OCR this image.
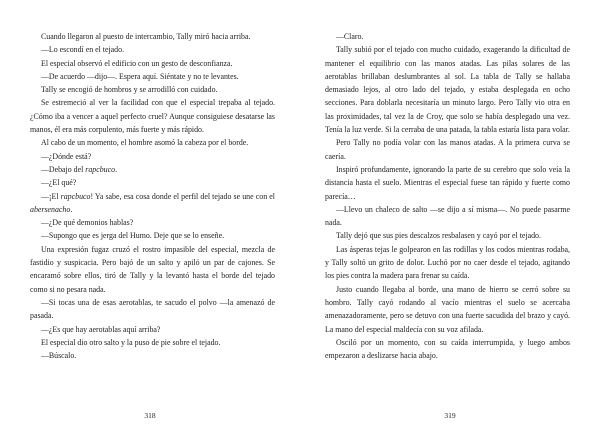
Cuando llegaron al puesto de intercambio, Tally miró hacia arriba.

—Lo escondí en el tejado.

El especial observó el edificio con un gesto de desconfianza.

—De acuerdo —dijo—. Espera aquí. Siéntate y no te levantes.

Tally se encogió de hombros y se arrodilló con cuidado.

Se estremeció al ver la facilidad con que el especial trepaba al tejado. ¿Cómo iba a vencer a aquel perfecto cruel? Aunque consiguiese desatarse las manos, él era más corpulento, más fuerte y más rápido.

Al cabo de un momento, el hombre asomó la cabeza por el borde.

—¿Dónde está?

—Debajo del rapcbuco.

—¿El qué?

—¡El rapcbuco! Ya sabe, esa cosa donde el perfil del tejado se une con el abersenacho.

—¿De qué demonios hablas?

—Supongo que es jerga del Humo. Deje que se lo enseñe.

Una expresión fugaz cruzó el rostro impasible del especial, mezcla de fastidio y suspicacia. Pero bajó de un salto y apiló un par de cajones. Se encaramó sobre ellos, tiró de Tally y la levantó hasta el borde del tejado como si no pesara nada.

—Si tocas una de esas aerotablas, te sacudo el polvo —la amenazó de pasada.

—¿Es que hay aerotablas aquí arriba?

El especial dio otro salto y la puso de pie sobre el tejado.

—Búscalo.

318

—Claro.

Tally subió por el tejado con mucho cuidado, exagerando la dificultad de mantener el equilibrio con las manos atadas. Las pilas solares de las aerotablas brillaban deslumbrantes al sol. La tabla de Tally se hallaba demasiado lejos, al otro lado del tejado, y estaba desplegada en ocho secciones. Para doblarla necesitaría un minuto largo. Pero Tally vio otra en las proximidades, tal vez la de Croy, que solo se había desplegado una vez. Tenía la luz verde. Si la cerraba de una patada, la tabla estaría lista para volar.

Pero Tally no podía volar con las manos atadas. A la primera curva se caería.

Inspiró profundamente, ignorando la parte de su cerebro que solo veía la distancia hasta el suelo. Mientras el especial fuese tan rápido y fuerte como parecía…

—Llevo un chaleco de salto —se dijo a sí misma—. No puede pasarme nada.

Tally dejó que sus pies descalzos resbalasen y cayó por el tejado.

Las ásperas tejas le golpearon en las rodillas y los codos mientras rodaba, y Tally soltó un grito de dolor. Luchó por no caer desde el tejado, agitando los pies contra la madera para frenar su caída.

Justo cuando llegaba al borde, una mano de hierro se cerró sobre su hombro. Tally cayó rodando al vacío mientras el suelo se acercaba amenazadoramente, pero se detuvo con una fuerte sacudida del brazo y cayó. La mano del especial maldecía con su voz afilada.

Osciló por un momento, con su caída interrumpida, y luego ambos empezaron a deslizarse hacia abajo.

319
